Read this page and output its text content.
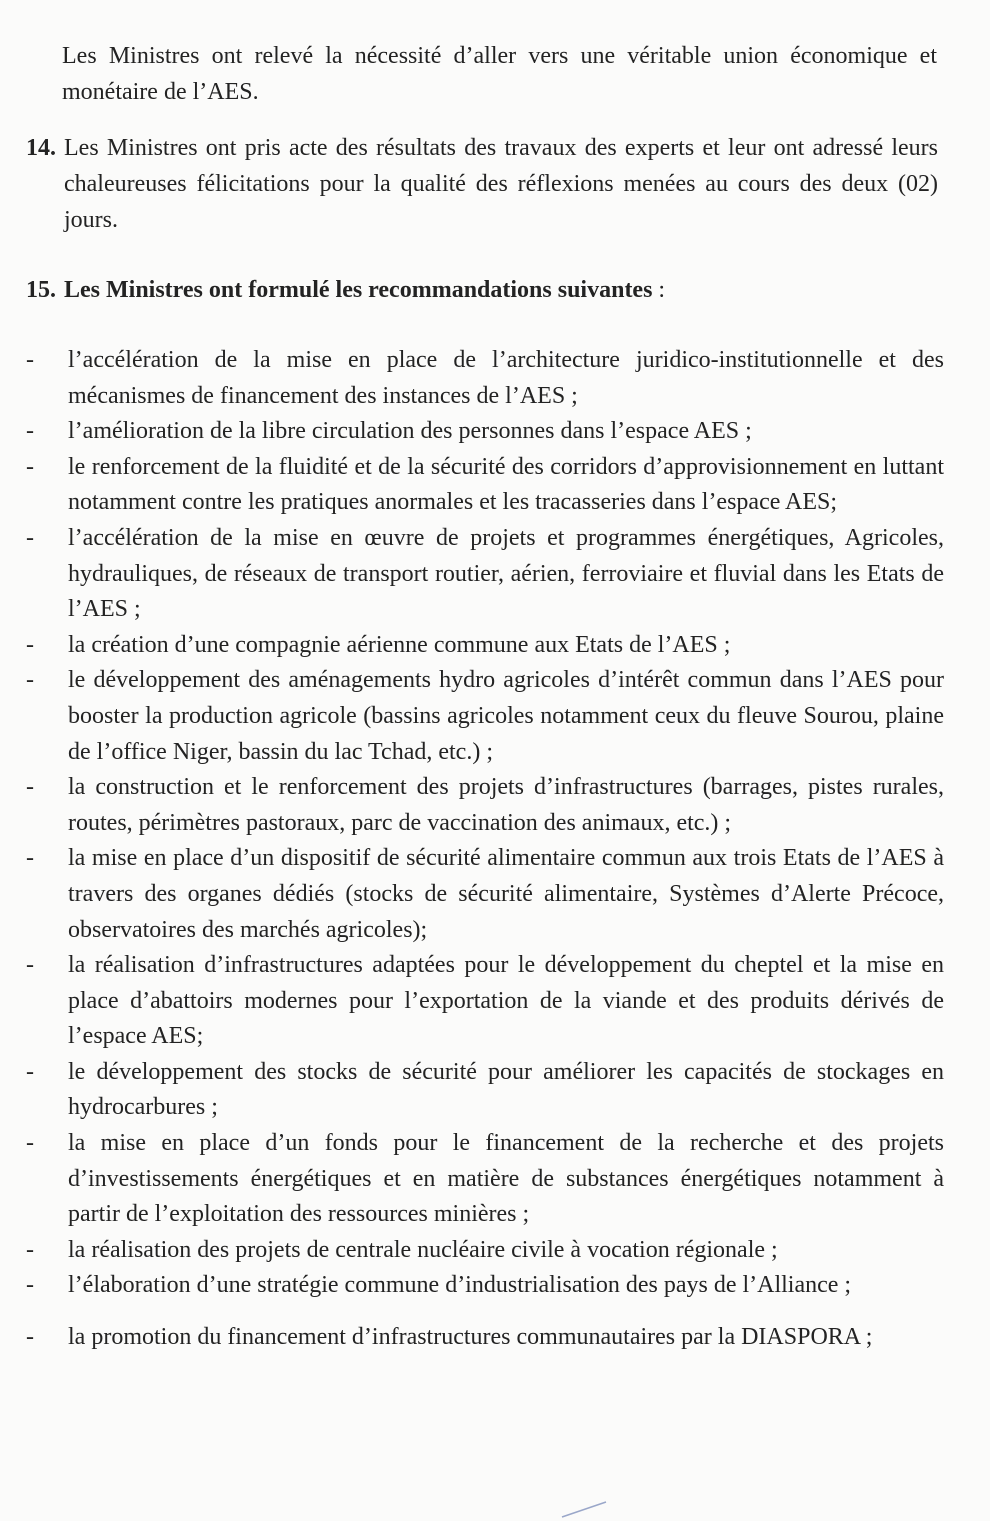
Les Ministres ont relevé la nécessité d’aller vers une véritable union économique et monétaire de l’AES.
14. Les Ministres ont pris acte des résultats des travaux des experts et leur ont adressé leurs chaleureuses félicitations pour la qualité des réflexions menées au cours des deux (02) jours.
15. Les Ministres ont formulé les recommandations suivantes :
- l’accélération de la mise en place de l’architecture juridico-institutionnelle et des mécanismes de financement des instances de l’AES ;
- l’amélioration de la libre circulation des personnes dans l’espace AES ;
- le renforcement de la fluidité et de la sécurité des corridors d’approvisionnement en luttant notamment contre les pratiques anormales et les tracasseries dans l’espace AES;
- l’accélération de la mise en œuvre de projets et programmes énergétiques, Agricoles, hydrauliques, de réseaux de transport routier, aérien, ferroviaire et fluvial dans les Etats de l’AES ;
- la création d’une compagnie aérienne commune aux Etats de l’AES ;
- le développement des aménagements hydro agricoles d’intérêt commun dans l’AES pour booster la production agricole (bassins agricoles notamment ceux du fleuve Sourou, plaine de l’office Niger, bassin du lac Tchad, etc.) ;
- la construction et le renforcement des projets d’infrastructures (barrages, pistes rurales, routes, périmètres pastoraux, parc de vaccination des animaux, etc.) ;
- la mise en place d’un dispositif de sécurité alimentaire commun aux trois Etats de l’AES à travers des organes dédiés (stocks de sécurité alimentaire, Systèmes d’Alerte Précoce, observatoires des marchés agricoles);
- la réalisation d’infrastructures adaptées pour le développement du cheptel et la mise en place d’abattoirs modernes pour l’exportation de la viande et des produits dérivés de l’espace AES;
- le développement des stocks de sécurité pour améliorer les capacités de stockages en hydrocarbures ;
- la mise en place d’un fonds pour le financement de la recherche et des projets d’investissements énergétiques et en matière de substances énergétiques notamment à partir de l’exploitation des ressources minières ;
- la réalisation des projets de centrale nucléaire civile à vocation régionale ;
- l’élaboration d’une stratégie commune d’industrialisation des pays de l’Alliance ;
- la promotion du financement d’infrastructures communautaires par la DIASPORA ;
